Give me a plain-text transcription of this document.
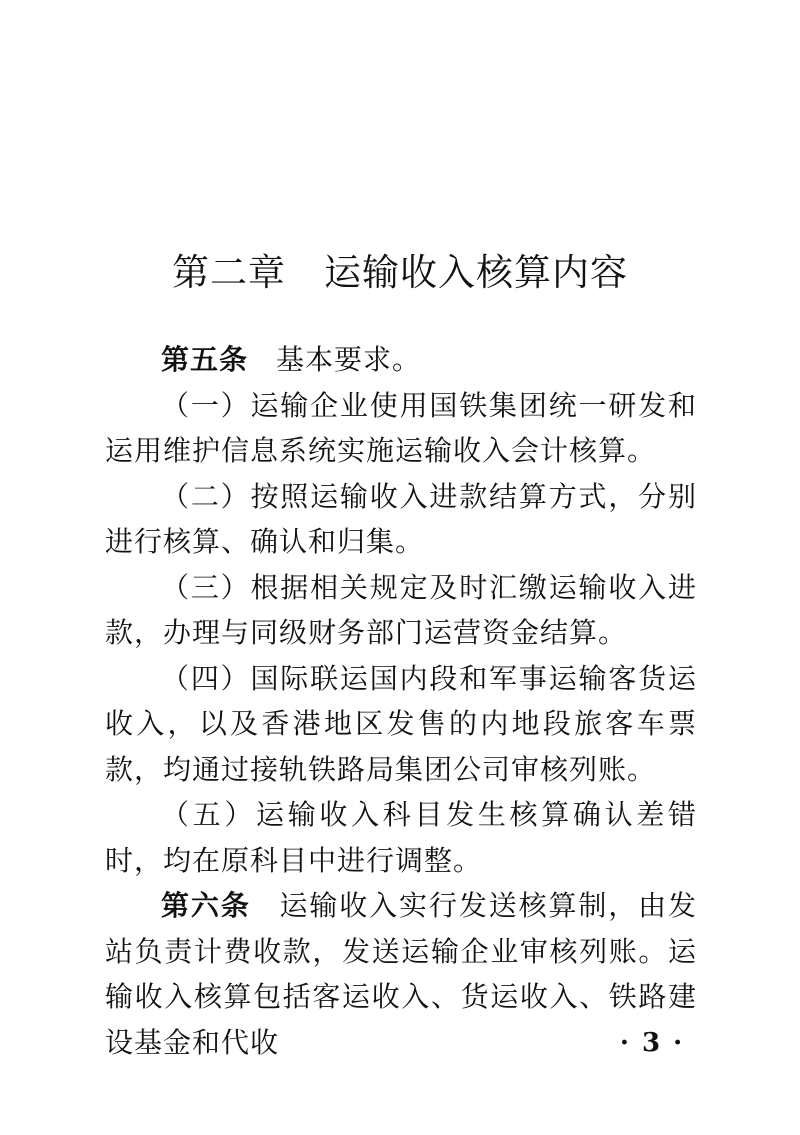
第二章　运输收入核算内容

第五条 基本要求。

（一）运输企业使用国铁集团统一研发和运用维护信息系统实施运输收入会计核算。

（二）按照运输收入进款结算方式，分别进行核算、确认和归集。

（三）根据相关规定及时汇缴运输收入进款，办理与同级财务部门运营资金结算。

（四）国际联运国内段和军事运输客货运收入，以及香港地区发售的内地段旅客车票款，均通过接轨铁路局集团公司审核列账。

（五）运输收入科目发生核算确认差错时，均在原科目中进行调整。

第六条 运输收入实行发送核算制，由发站负责计费收款，发送运输企业审核列账。运输收入核算包括客运收入、货运收入、铁路建设基金和代收	· 3 ·
